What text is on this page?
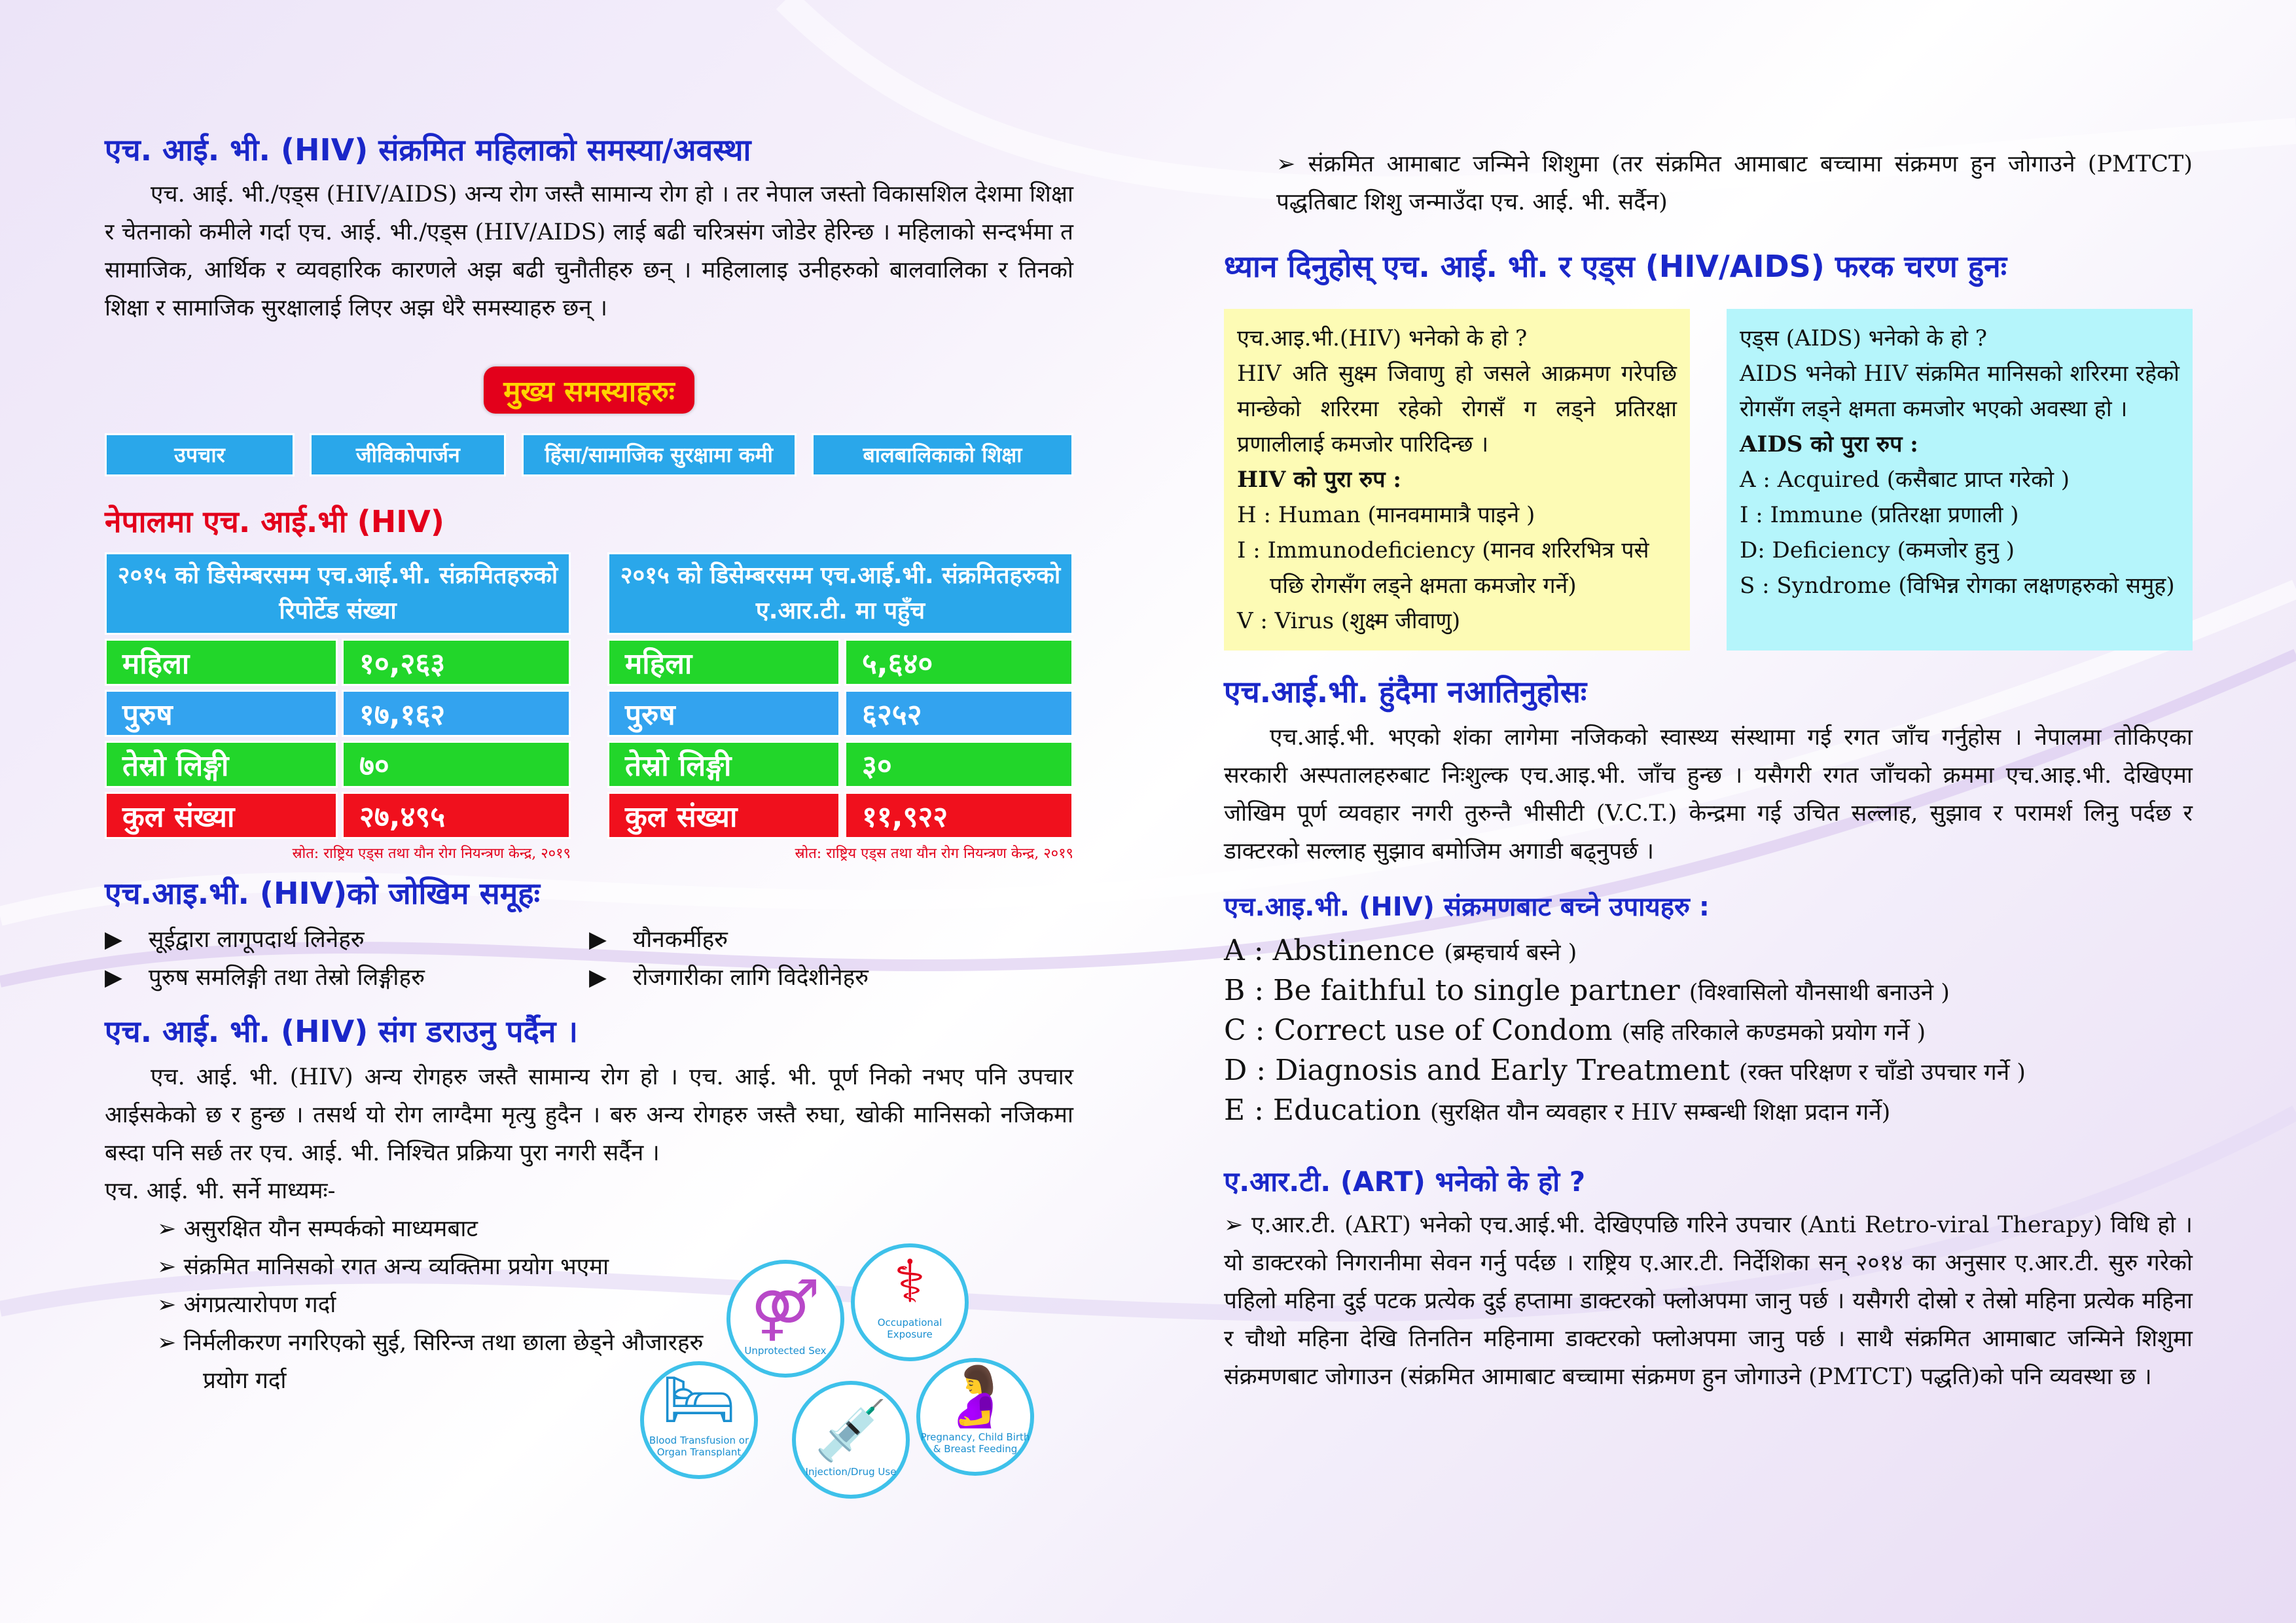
एच. आई. भी. (HIV) संक्रमित महिलाको समस्या/अवस्था

एच. आई. भी./एड्स (HIV/AIDS) अन्य रोग जस्तै सामान्य रोग हो । तर नेपाल जस्तो विकासशिल देशमा शिक्षा र चेतनाको कमीले गर्दा एच. आई. भी./एड्स (HIV/AIDS) लाई बढी चरित्रसंग जोडेर हेरिन्छ । महिलाको सन्दर्भमा त सामाजिक, आर्थिक र व्यवहारिक कारणले अझ बढी चुनौतीहरु छन् । महिलालाइ उनीहरुको बालवालिका र तिनको शिक्षा र सामाजिक सुरक्षालाई लिएर अझ धेरै समस्याहरु छन् ।

मुख्य समस्याहरुः
उपचार	जीविकोपार्जन	हिंसा/सामाजिक सुरक्षामा कमी	बालबालिकाको शिक्षा
नेपालमा एच. आई.भी (HIV)
२०१५ को डिसेम्बरसम्म एच.आई.भी. संक्रमितहरुको रिपोर्टेड संख्या
महिला	१०,२६३
पुरुष	१७,१६२
तेस्रो लिङ्गी	७०
कुल संख्या	२७,४९५
स्रोत: राष्ट्रिय एड्स तथा यौन रोग नियन्त्रण केन्द्र, २०१९
२०१५ को डिसेम्बरसम्म एच.आई.भी. संक्रमितहरुको ए.आर.टी. मा पहुँच
महिला	५,६४०
पुरुष	६२५२
तेस्रो लिङ्गी	३०
कुल संख्या	११,९२२
स्रोत: राष्ट्रिय एड्स तथा यौन रोग नियन्त्रण केन्द्र, २०१९
एच.आइ.भी. (HIV)को जोखिम समूहः
▶ सूईद्वारा लागूपदार्थ लिनेहरु	▶ यौनकर्मीहरु
▶ पुरुष समलिङ्गी तथा तेस्रो लिङ्गीहरु	▶ रोजगारीका लागि विदेशीनेहरु
एच. आई. भी. (HIV) संग डराउनु पर्दैन ।

एच. आई. भी. (HIV) अन्य रोगहरु जस्तै सामान्य रोग हो । एच. आई. भी. पूर्ण निको नभए पनि उपचार आईसकेको छ र हुन्छ । तसर्थ यो रोग लाग्दैमा मृत्यु हुदैन । बरु अन्य रोगहरु जस्तै रुघा, खोकी मानिसको नजिकमा बस्दा पनि सर्छ तर एच. आई. भी. निश्चित प्रक्रिया पुरा नगरी सर्दैन ।

एच. आई. भी. सर्ने माध्यमः-
➢ असुरक्षित यौन सम्पर्कको माध्यमबाट
➢ संक्रमित मानिसको रगत अन्य व्यक्तिमा प्रयोग भएमा
➢ अंगप्रत्यारोपण गर्दा
➢ निर्मलीकरण नगरिएको सुई, सिरिन्ज तथा छाला छेड्ने औजारहरु प्रयोग गर्दा
⚤
Unprotected Sex
⚕
Occupational Exposure
🛏
Blood Transfusion or Organ Transplant 💉
Injection/Drug Use
🤰
Pregnancy, Child Birth & Breast Feeding
➢ संक्रमित आमाबाट जन्मिने शिशुमा (तर संक्रमित आमाबाट बच्चामा संक्रमण हुन जोगाउने (PMTCT) पद्धतिबाट शिशु जन्माउँदा एच. आई. भी. सर्दैन)
ध्यान दिनुहोस् एच. आई. भी. र एड्स (HIV/AIDS) फरक चरण हुनः
एच.आइ.भी.(HIV) भनेको के हो ?
HIV अति सुक्ष्म जिवाणु हो जसले आक्रमण गरेपछि मान्छेको शरिरमा रहेको रोगसँ ग लड्ने प्रतिरक्षा प्रणालीलाई कमजोर पारिदिन्छ ।
HIV को पुरा रुप :
H : Human (मानवमामात्रै पाइने )
I : Immunodeficiency (मानव शरिरभित्र पसे पछि रोगसँग लड्ने क्षमता कमजोर गर्ने)
V : Virus (शुक्ष्म जीवाणु)
एड्स (AIDS) भनेको के हो ?
AIDS भनेको HIV संक्रमित मानिसको शरिरमा रहेको रोगसँग लड्ने क्षमता कमजोर भएको अवस्था हो ।
AIDS को पुरा रुप :
A : Acquired (कसैबाट प्राप्त गरेको )
I : Immune (प्रतिरक्षा प्रणाली )
D: Deficiency (कमजोर हुनु )
S : Syndrome (विभिन्न रोगका लक्षणहरुको समुह)
एच.आई.भी. हुंदैमा नआतिनुहोसः

एच.आई.भी. भएको शंका लागेमा नजिकको स्वास्थ्य संस्थामा गई रगत जाँच गर्नुहोस । नेपालमा तोकिएका सरकारी अस्पतालहरुबाट निःशुल्क एच.आइ.भी. जाँच हुन्छ । यसैगरी रगत जाँचको क्रममा एच.आइ.भी. देखिएमा जोखिम पूर्ण व्यवहार नगरी तुरुन्तै भीसीटी (V.C.T.) केन्द्रमा गई उचित सल्लाह, सुझाव र परामर्श लिनु पर्दछ र डाक्टरको सल्लाह सुझाव बमोजिम अगाडी बढ्नुपर्छ ।

एच.आइ.भी. (HIV) संक्रमणबाट बच्ने उपायहरु :
A : Abstinence (ब्रम्हचार्य बस्ने )
B : Be faithful to single partner (विश्वासिलो यौनसाथी बनाउने )
C : Correct use of Condom (सहि तरिकाले कण्डमको प्रयोग गर्ने )
D : Diagnosis and Early Treatment (रक्त परिक्षण र चाँडो उपचार गर्ने )
E : Education (सुरक्षित यौन व्यवहार र HIV सम्बन्धी शिक्षा प्रदान गर्ने)
ए.आर.टी. (ART) भनेको के हो ?

➢ ए.आर.टी. (ART) भनेको एच.आई.भी. देखिएपछि गरिने उपचार (Anti Retro-viral Therapy) विधि हो । यो डाक्टरको निगरानीमा सेवन गर्नु पर्दछ । राष्ट्रिय ए.आर.टी. निर्देशिका सन् २०१४ का अनुसार ए.आर.टी. सुरु गरेको पहिलो महिना दुई पटक प्रत्येक दुई हप्तामा डाक्टरको फ्लोअपमा जानु पर्छ । यसैगरी दोस्रो र तेस्रो महिना प्रत्येक महिना र चौथो महिना देखि तिनतिन महिनामा डाक्टरको फ्लोअपमा जानु पर्छ । साथै संक्रमित आमाबाट जन्मिने शिशुमा संक्रमणबाट जोगाउन (संक्रमित आमाबाट बच्चामा संक्रमण हुन जोगाउने (PMTCT) पद्धति)को पनि व्यवस्था छ ।
